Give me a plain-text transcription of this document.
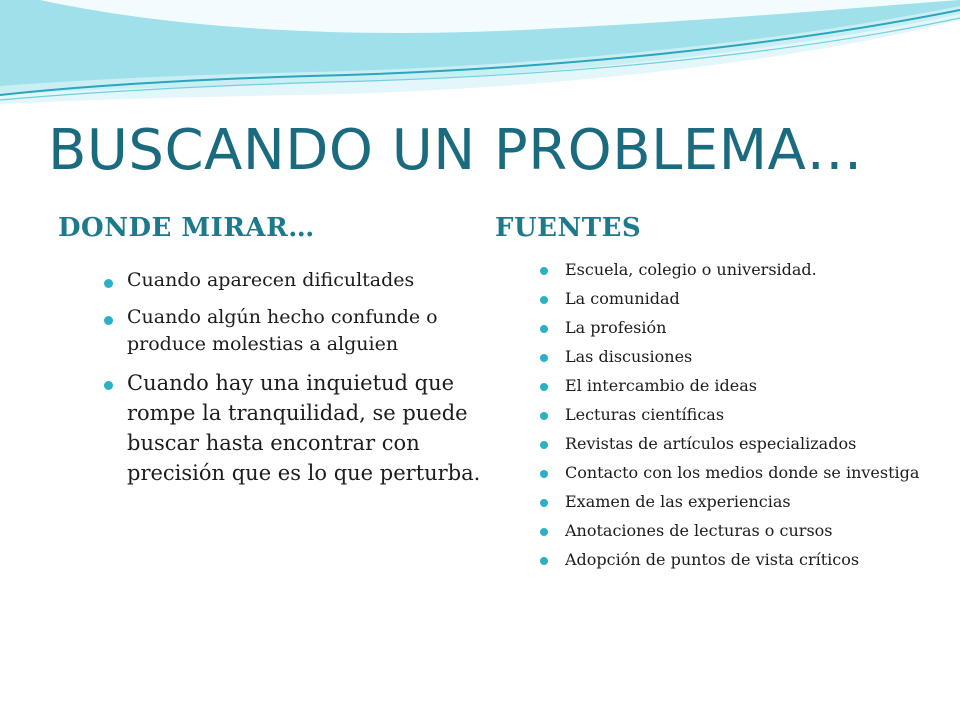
BUSCANDO UN PROBLEMA…
DONDE MIRAR…	FUENTES
Cuando aparecen dificultades
Cuando algún hecho confunde o produce molestias a alguien
Cuando hay una inquietud que rompe la tranquilidad, se puede buscar hasta encontrar con precisión que es lo que perturba.
Escuela, colegio o universidad.
La comunidad
La profesión
Las discusiones
El intercambio de ideas
Lecturas científicas
Revistas de artículos especializados
Contacto con los medios donde se investiga
Examen de las experiencias
Anotaciones de lecturas o cursos
Adopción de puntos de vista críticos
